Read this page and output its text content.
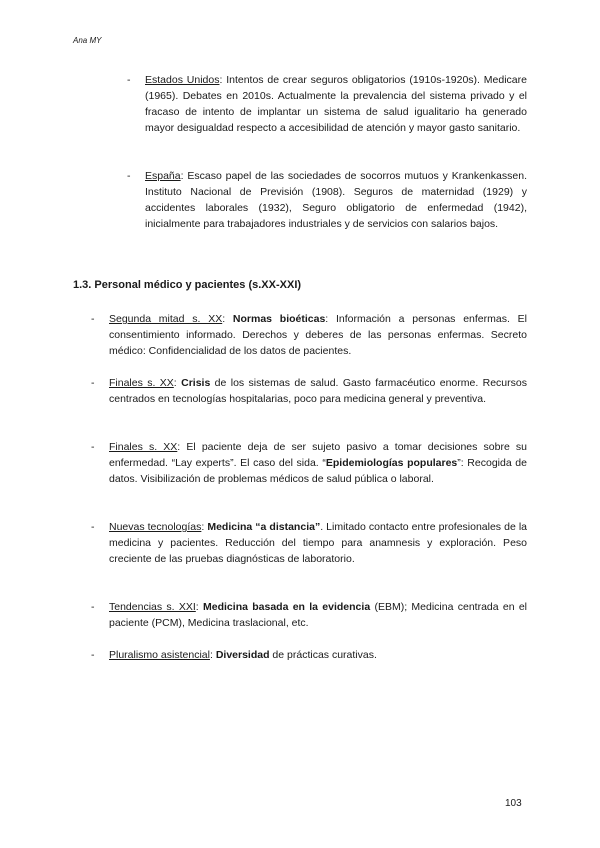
Ana MY
- Estados Unidos: Intentos de crear seguros obligatorios (1910s-1920s). Medicare (1965). Debates en 2010s. Actualmente la prevalencia del sistema privado y el fracaso de intento de implantar un sistema de salud igualitario ha generado mayor desigualdad respecto a accesibilidad de atención y mayor gasto sanitario.
- España: Escaso papel de las sociedades de socorros mutuos y Krankenkassen. Instituto Nacional de Previsión (1908). Seguros de maternidad (1929) y accidentes laborales (1932), Seguro obligatorio de enfermedad (1942), inicialmente para trabajadores industriales y de servicios con salarios bajos.
1.3. Personal médico y pacientes (s.XX-XXI)
- Segunda mitad s. XX: Normas bioéticas: Información a personas enfermas. El consentimiento informado. Derechos y deberes de las personas enfermas. Secreto médico: Confidencialidad de los datos de pacientes.
- Finales s. XX: Crisis de los sistemas de salud. Gasto farmacéutico enorme. Recursos centrados en tecnologías hospitalarias, poco para medicina general y preventiva.
- Finales s. XX: El paciente deja de ser sujeto pasivo a tomar decisiones sobre su enfermedad. “Lay experts”. El caso del sida. “Epidemiologías populares”: Recogida de datos. Visibilización de problemas médicos de salud pública o laboral.
- Nuevas tecnologías: Medicina “a distancia”. Limitado contacto entre profesionales de la medicina y pacientes. Reducción del tiempo para anamnesis y exploración. Peso creciente de las pruebas diagnósticas de laboratorio.
- Tendencias s. XXI: Medicina basada en la evidencia (EBM); Medicina centrada en el paciente (PCM), Medicina traslacional, etc.
- Pluralismo asistencial: Diversidad de prácticas curativas.
103
